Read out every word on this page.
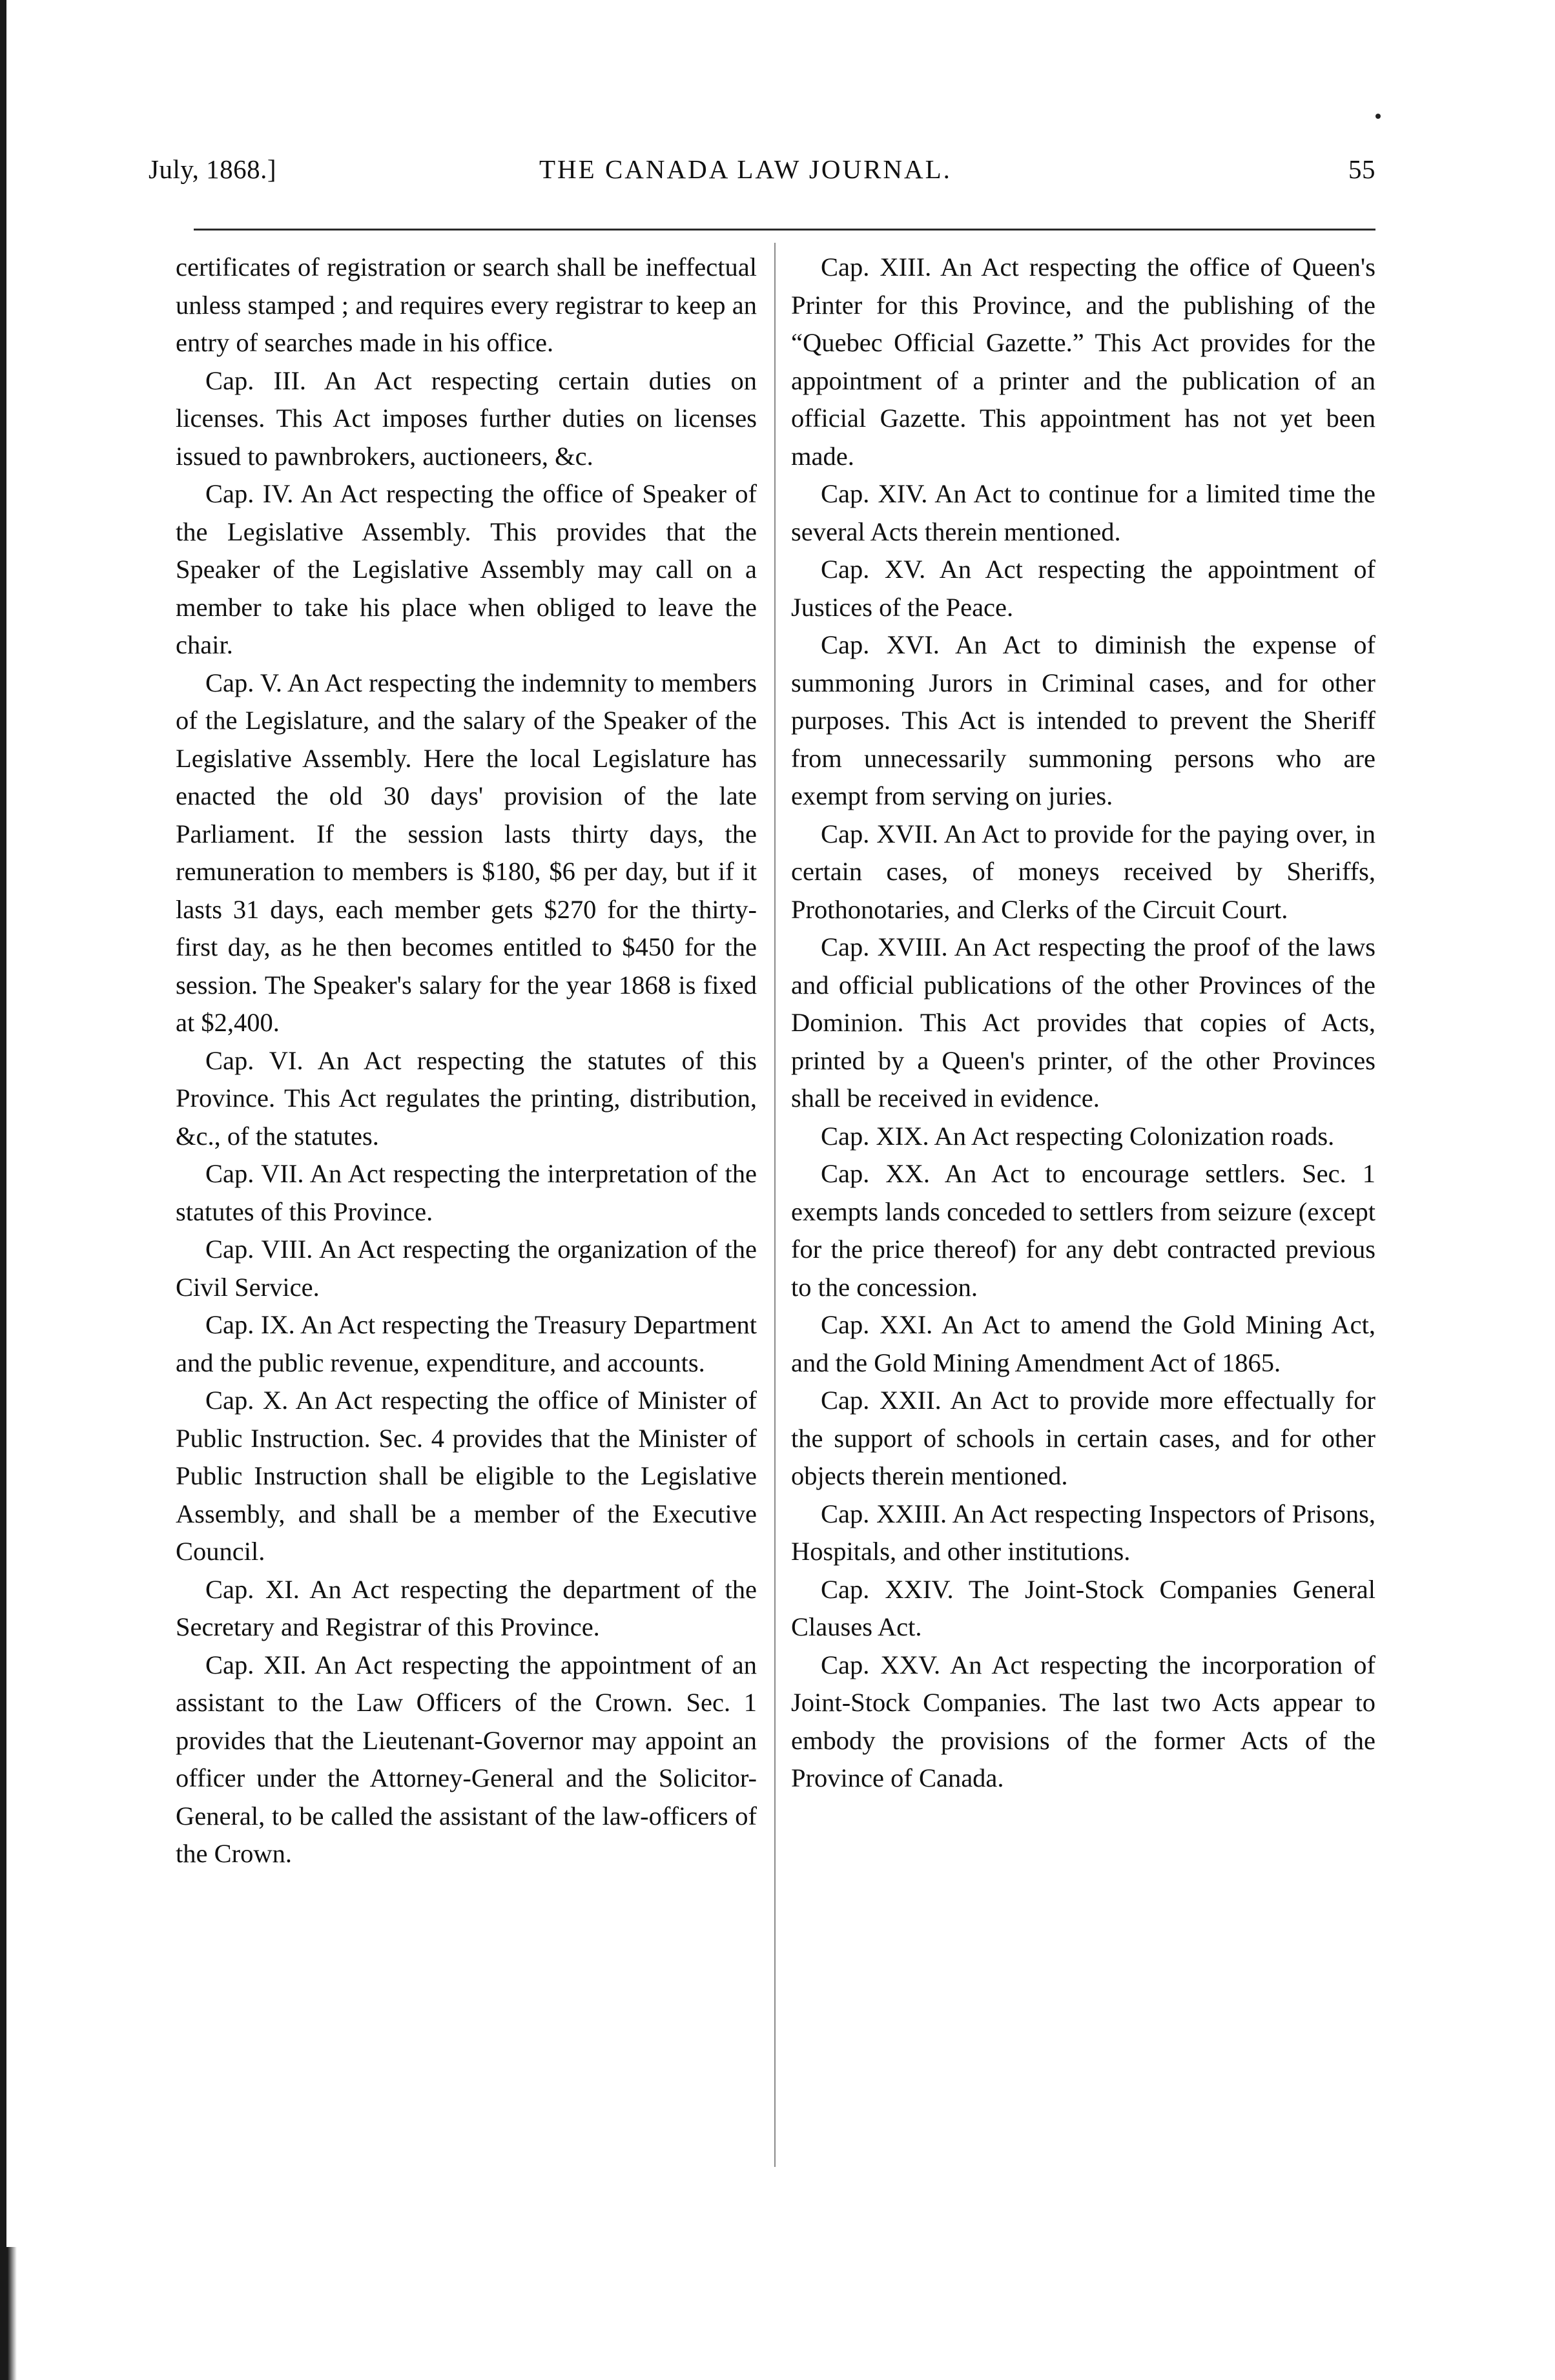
July, 1868.]	THE CANADA LAW JOURNAL.	55

certificates of registration or search shall be ineffectual unless stamped ; and requires every registrar to keep an entry of searches made in his office.

Cap. III. An Act respecting certain duties on licenses. This Act imposes further duties on licenses issued to pawnbrokers, auctioneers, &c.

Cap. IV. An Act respecting the office of Speaker of the Legislative Assembly. This provides that the Speaker of the Legislative Assembly may call on a member to take his place when obliged to leave the chair.

Cap. V. An Act respecting the indemnity to members of the Legislature, and the salary of the Speaker of the Legislative Assembly. Here the local Legislature has enacted the old 30 days' provision of the late Parliament. If the session lasts thirty days, the remuneration to members is $180, $6 per day, but if it lasts 31 days, each member gets $270 for the thirty-first day, as he then becomes entitled to $450 for the session. The Speaker's salary for the year 1868 is fixed at $2,400.

Cap. VI. An Act respecting the statutes of this Province. This Act regulates the printing, distribution, &c., of the statutes.

Cap. VII. An Act respecting the interpretation of the statutes of this Province.

Cap. VIII. An Act respecting the organization of the Civil Service.

Cap. IX. An Act respecting the Treasury Department and the public revenue, expenditure, and accounts.

Cap. X. An Act respecting the office of Minister of Public Instruction. Sec. 4 provides that the Minister of Public Instruction shall be eligible to the Legislative Assembly, and shall be a member of the Executive Council.

Cap. XI. An Act respecting the department of the Secretary and Registrar of this Province.

Cap. XII. An Act respecting the appointment of an assistant to the Law Officers of the Crown. Sec. 1 provides that the Lieutenant-Governor may appoint an officer under the Attorney-General and the Solicitor-General, to be called the assistant of the law-officers of the Crown.

Cap. XIII. An Act respecting the office of Queen's Printer for this Province, and the publishing of the “Quebec Official Gazette.” This Act provides for the appointment of a printer and the publication of an official Gazette. This appointment has not yet been made.

Cap. XIV. An Act to continue for a limited time the several Acts therein mentioned.

Cap. XV. An Act respecting the appointment of Justices of the Peace.

Cap. XVI. An Act to diminish the expense of summoning Jurors in Criminal cases, and for other purposes. This Act is intended to prevent the Sheriff from unnecessarily summoning persons who are exempt from serving on juries.

Cap. XVII. An Act to provide for the paying over, in certain cases, of moneys received by Sheriffs, Prothonotaries, and Clerks of the Circuit Court.

Cap. XVIII. An Act respecting the proof of the laws and official publications of the other Provinces of the Dominion. This Act provides that copies of Acts, printed by a Queen's printer, of the other Provinces shall be received in evidence.

Cap. XIX. An Act respecting Colonization roads.

Cap. XX. An Act to encourage settlers. Sec. 1 exempts lands conceded to settlers from seizure (except for the price thereof) for any debt contracted previous to the concession.

Cap. XXI. An Act to amend the Gold Mining Act, and the Gold Mining Amendment Act of 1865.

Cap. XXII. An Act to provide more effectually for the support of schools in certain cases, and for other objects therein mentioned.

Cap. XXIII. An Act respecting Inspectors of Prisons, Hospitals, and other institutions.

Cap. XXIV. The Joint-Stock Companies General Clauses Act.

Cap. XXV. An Act respecting the incorporation of Joint-Stock Companies. The last two Acts appear to embody the provisions of the former Acts of the Province of Canada.
